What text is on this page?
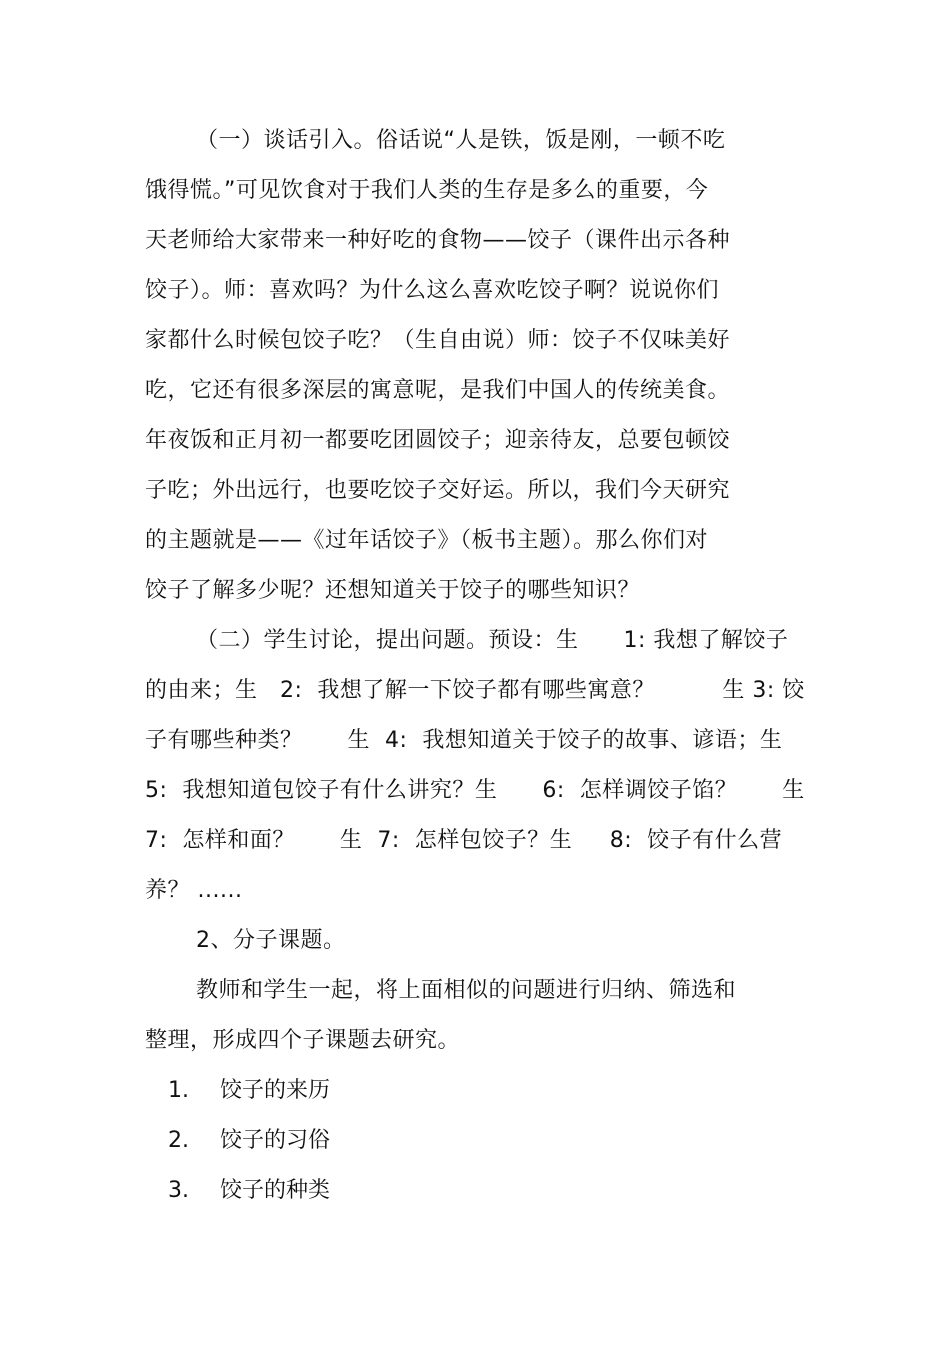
（一）谈话引入。俗话说“人是铁，饭是刚，一顿不吃
饿得慌。”可见饮食对于我们人类的生存是多么的重要，今
天老师给大家带来一种好吃的食物——饺子（课件出示各种
饺子）。师：喜欢吗？为什么这么喜欢吃饺子啊？说说你们
家都什么时候包饺子吃？（生自由说）师：饺子不仅味美好
吃，它还有很多深层的寓意呢，是我们中国人的传统美食。
年夜饭和正月初一都要吃团圆饺子；迎亲待友，总要包顿饺
子吃；外出远行，也要吃饺子交好运。所以，我们今天研究
的主题就是——《过年话饺子》（板书主题）。那么你们对
饺子了解多少呢？还想知道关于饺子的哪些知识？
（二）学生讨论，提出问题。预设：生　　1: 我想了解饺子
的由来；生　2:  我想了解一下饺子都有哪些寓意？　　　生 3: 饺
子有哪些种类？　　生  4:  我想知道关于饺子的故事、谚语；生
5:  我想知道包饺子有什么讲究？生　　6:  怎样调饺子馅？　　生
7:  怎样和面？　　生  7:  怎样包饺子？生　  8:  饺子有什么营
养？ ......
2、分子课题。
教师和学生一起，将上面相似的问题进行归纳、筛选和
整理，形成四个子课题去研究。
1. 饺子的来历
2. 饺子的习俗
3. 饺子的种类
